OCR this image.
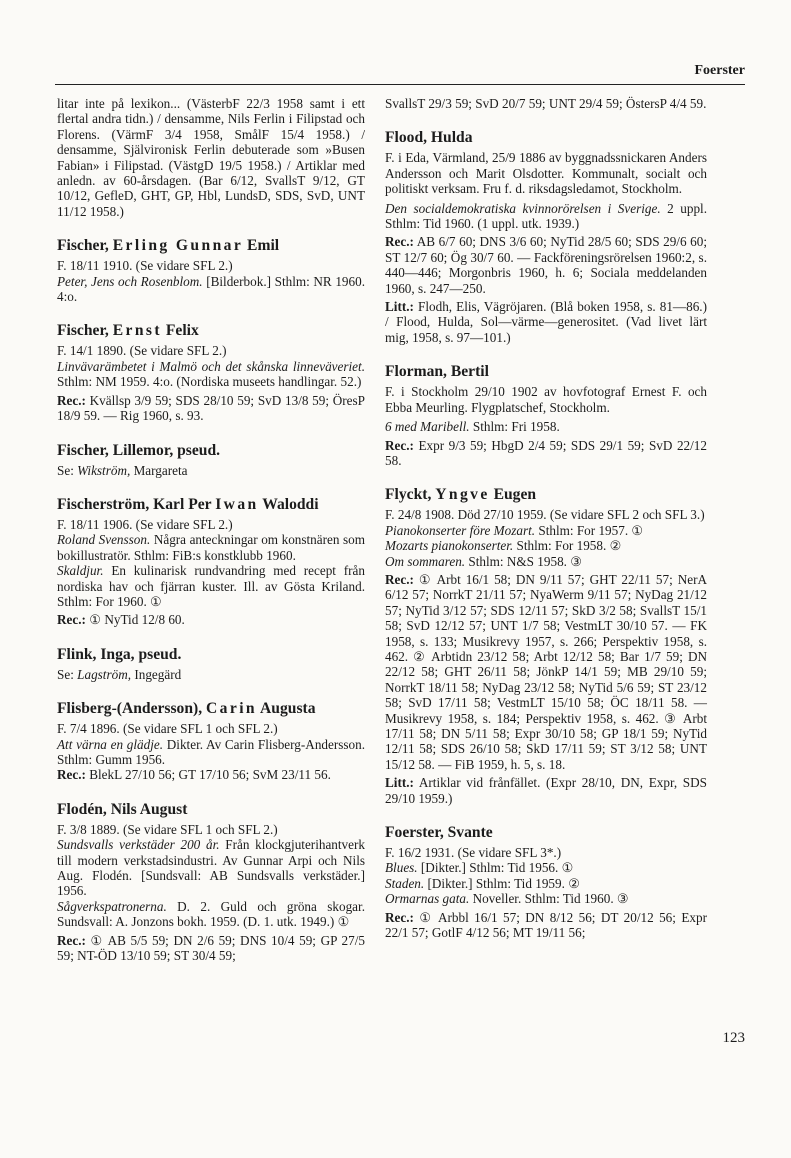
Foerster

litar inte på lexikon... (VästerbF 22/3 1958 samt i ett flertal andra tidn.) / densamme, Nils Ferlin i Filipstad och Florens. (VärmF 3/4 1958, SmålF 15/4 1958.) / densamme, Självironisk Ferlin debuterade som »Busen Fabian» i Filipstad. (VästgD 19/5 1958.) / Artiklar med anledn. av 60-årsdagen. (Bar 6/12, SvallsT 9/12, GT 10/12, GefleD, GHT, GP, Hbl, LundsD, SDS, SvD, UNT 11/12 1958.)

Fischer, Erling Gunnar Emil

F. 18/11 1910. (Se vidare SFL 2.)

Peter, Jens och Rosenblom. [Bilderbok.] Sthlm: NR 1960. 4:o.

Fischer, Ernst Felix

F. 14/1 1890. (Se vidare SFL 2.)

Linvävarämbetet i Malmö och det skånska linneväveriet. Sthlm: NM 1959. 4:o. (Nordiska museets handlingar. 52.)

Rec.: Kvällsp 3/9 59; SDS 28/10 59; SvD 13/8 59; ÖresP 18/9 59. — Rig 1960, s. 93.

Fischer, Lillemor, pseud.

Se: Wikström, Margareta

Fischerström, Karl Per Iwan Waloddi

F. 18/11 1906. (Se vidare SFL 2.)

Roland Svensson. Några anteckningar om konstnären som bokillustratör. Sthlm: FiB:s konstklubb 1960.

Skaldjur. En kulinarisk rundvandring med recept från nordiska hav och fjärran kuster. Ill. av Gösta Kriland. Sthlm: For 1960. ①

Rec.: ① NyTid 12/8 60.

Flink, Inga, pseud.

Se: Lagström, Ingegärd

Flisberg-(Andersson), Carin Augusta

F. 7/4 1896. (Se vidare SFL 1 och SFL 2.)

Att värna en glädje. Dikter. Av Carin Flisberg-Andersson. Sthlm: Gumm 1956.

Rec.: BlekL 27/10 56; GT 17/10 56; SvM 23/11 56.

Flodén, Nils August

F. 3/8 1889. (Se vidare SFL 1 och SFL 2.)

Sundsvalls verkstäder 200 år. Från klockgjuterihantverk till modern verkstadsindustri. Av Gunnar Arpi och Nils Aug. Flodén. [Sundsvall: AB Sundsvalls verkstäder.] 1956.

Sågverkspatronerna. D. 2. Guld och gröna skogar. Sundsvall: A. Jonzons bokh. 1959. (D. 1. utk. 1949.) ①

Rec.: ① AB 5/5 59; DN 2/6 59; DNS 10/4 59; GP 27/5 59; NT-ÖD 13/10 59; ST 30/4 59;

SvallsT 29/3 59; SvD 20/7 59; UNT 29/4 59; ÖstersP 4/4 59.

Flood, Hulda

F. i Eda, Värmland, 25/9 1886 av byggnadssnickaren Anders Andersson och Marit Olsdotter. Kommunalt, socialt och politiskt verksam. Fru f. d. riksdagsledamot, Stockholm.

Den socialdemokratiska kvinnorörelsen i Sverige. 2 uppl. Sthlm: Tid 1960. (1 uppl. utk. 1939.)

Rec.: AB 6/7 60; DNS 3/6 60; NyTid 28/5 60; SDS 29/6 60; ST 12/7 60; Ög 30/7 60. — Fackföreningsrörelsen 1960:2, s. 440—446; Morgonbris 1960, h. 6; Sociala meddelanden 1960, s. 247—250.

Litt.: Flodh, Elis, Vägröjaren. (Blå boken 1958, s. 81—86.) / Flood, Hulda, Sol—värme—generositet. (Vad livet lärt mig, 1958, s. 97—101.)

Florman, Bertil

F. i Stockholm 29/10 1902 av hovfotograf Ernest F. och Ebba Meurling. Flygplatschef, Stockholm.

6 med Maribell. Sthlm: Fri 1958.

Rec.: Expr 9/3 59; HbgD 2/4 59; SDS 29/1 59; SvD 22/12 58.

Flyckt, Yngve Eugen

F. 24/8 1908. Död 27/10 1959. (Se vidare SFL 2 och SFL 3.)

Pianokonserter före Mozart. Sthlm: For 1957. ①

Mozarts pianokonserter. Sthlm: For 1958. ②

Om sommaren. Sthlm: N&S 1958. ③

Rec.: ① Arbt 16/1 58; DN 9/11 57; GHT 22/11 57; NerA 6/12 57; NorrkT 21/11 57; NyaWerm 9/11 57; NyDag 21/12 57; NyTid 3/12 57; SDS 12/11 57; SkD 3/2 58; SvallsT 15/1 58; SvD 12/12 57; UNT 1/7 58; VestmLT 30/10 57. — FK 1958, s. 133; Musikrevy 1957, s. 266; Perspektiv 1958, s. 462. ② Arbtidn 23/12 58; Arbt 12/12 58; Bar 1/7 59; DN 22/12 58; GHT 26/11 58; JönkP 14/1 59; MB 29/10 59; NorrkT 18/11 58; NyDag 23/12 58; NyTid 5/6 59; ST 23/12 58; SvD 17/11 58; VestmLT 15/10 58; ÖC 18/11 58. — Musikrevy 1958, s. 184; Perspektiv 1958, s. 462. ③ Arbt 17/11 58; DN 5/11 58; Expr 30/10 58; GP 18/1 59; NyTid 12/11 58; SDS 26/10 58; SkD 17/11 59; ST 3/12 58; UNT 15/12 58. — FiB 1959, h. 5, s. 18.

Litt.: Artiklar vid frånfället. (Expr 28/10, DN, Expr, SDS 29/10 1959.)

Foerster, Svante

F. 16/2 1931. (Se vidare SFL 3*.)

Blues. [Dikter.] Sthlm: Tid 1956. ①

Staden. [Dikter.] Sthlm: Tid 1959. ②

Ormarnas gata. Noveller. Sthlm: Tid 1960. ③

Rec.: ① Arbbl 16/1 57; DN 8/12 56; DT 20/12 56; Expr 22/1 57; GotlF 4/12 56; MT 19/11 56;

123
